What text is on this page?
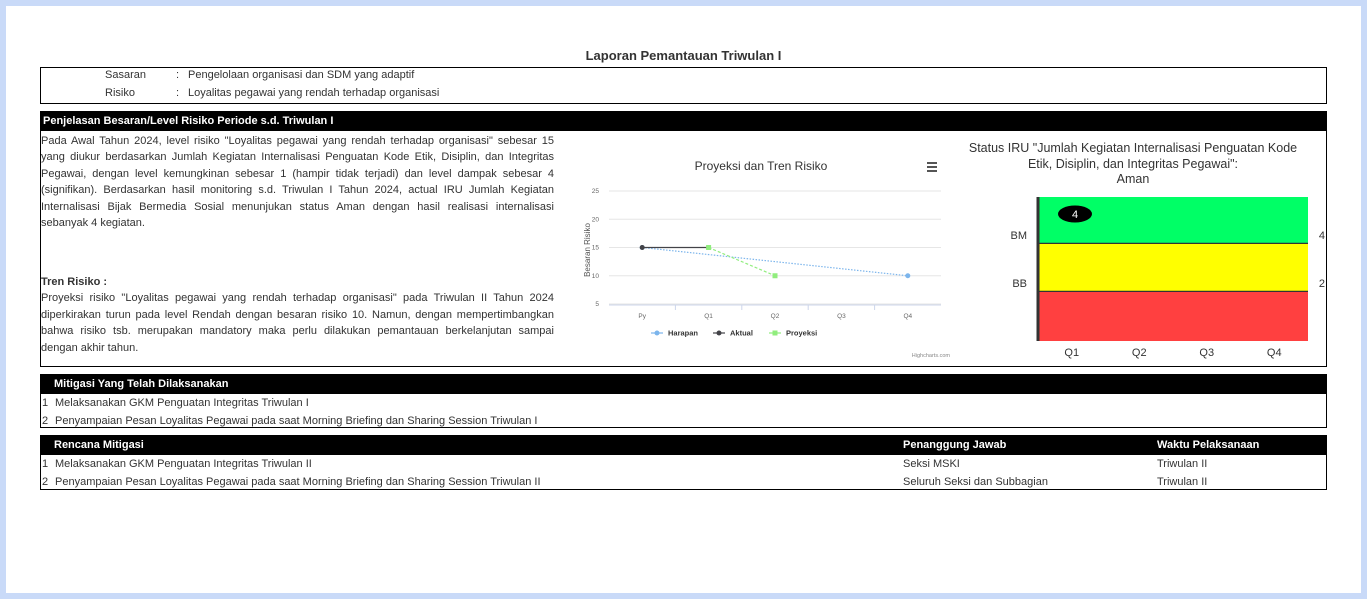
Laporan Pemantauan Triwulan I
Sasaran	: Pengelolaan organisasi dan SDM yang adaptif
Risiko	: Loyalitas pegawai yang rendah terhadap organisasi
Penjelasan Besaran/Level Risiko Periode s.d. Triwulan I
Pada Awal Tahun 2024, level risiko "Loyalitas pegawai yang rendah terhadap organisasi" sebesar 15 yang diukur berdasarkan Jumlah Kegiatan Internalisasi Penguatan Kode Etik, Disiplin, dan Integritas Pegawai, dengan level kemungkinan sebesar 1 (hampir tidak terjadi) dan level dampak sebesar 4 (signifikan). Berdasarkan hasil monitoring s.d. Triwulan I Tahun 2024, actual IRU Jumlah Kegiatan Internalisasi Bijak Bermedia Sosial menunjukan status Aman dengan hasil realisasi internalisasi sebanyak 4 kegiatan.
Tren Risiko :
Proyeksi risiko "Loyalitas pegawai yang rendah terhadap organisasi" pada Triwulan II Tahun 2024 diperkirakan turun pada level Rendah dengan besaran risiko 10. Namun, dengan mempertimbangkan bahwa risiko tsb. merupakan mandatory maka perlu dilakukan pemantauan berkelanjutan sampai dengan akhir tahun.
Proyeksi dan Tren Risiko
Besaran Risiko
5
10
15
20
25
Py	Q1	Q2	Q3	Q4
Harapan	Aktual	Proyeksi
Highcharts.com
Status IRU "Jumlah Kegiatan Internalisasi Penguatan Kode
Etik, Disiplin, dan Integritas Pegawai":
Aman
BM	4
BB	2
4
Q1	Q2	Q3	Q4
Mitigasi Yang Telah Dilaksanakan
1 Melaksanakan GKM Penguatan Integritas Triwulan I
2 Penyampaian Pesan Loyalitas Pegawai pada saat Morning Briefing dan Sharing Session Triwulan I
Rencana Mitigasi	Penanggung Jawab	Waktu Pelaksanaan
1 Melaksanakan GKM Penguatan Integritas Triwulan II	Seksi MSKI	Triwulan II
2 Penyampaian Pesan Loyalitas Pegawai pada saat Morning Briefing dan Sharing Session Triwulan II	Seluruh Seksi dan Subbagian	Triwulan II
